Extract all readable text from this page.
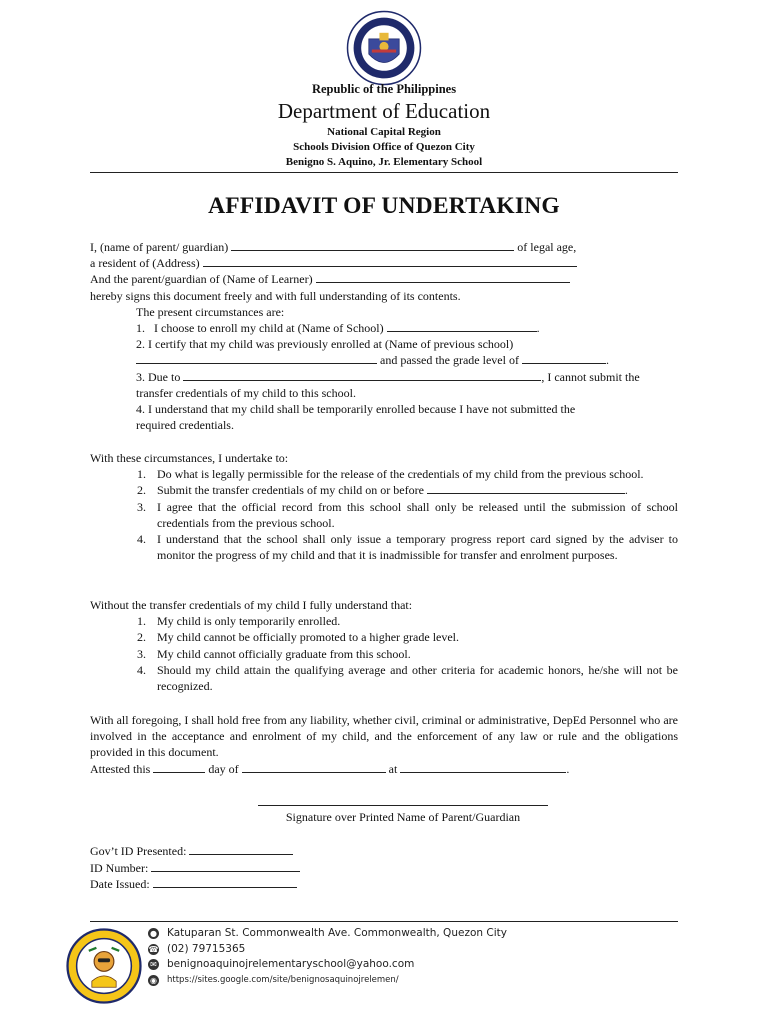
Republic of the Philippines
Department of Education
National Capital Region
Schools Division Office of Quezon City
Benigno S. Aquino, Jr. Elementary School
AFFIDAVIT OF UNDERTAKING
I, (name of parent/ guardian)	of legal age,
a resident of (Address)
And the parent/guardian of (Name of Learner)
hereby signs this document freely and with full understanding of its contents.
The present circumstances are:
1. I choose to enroll my child at (Name of School)	.
2. I certify that my child was previously enrolled at (Name of previous school)
and passed the grade level of	.
3. Due to	, I cannot submit the
transfer credentials of my child to this school.
4. I understand that my child shall be temporarily enrolled because I have not submitted the
required credentials.
With these circumstances, I undertake to:
1. Do what is legally permissible for the release of the credentials of my child from the previous school.
2. Submit the transfer credentials of my child on or before	.
3. I agree that the official record from this school shall only be released until the submission of school credentials from the previous school.
4. I understand that the school shall only issue a temporary progress report card signed by the adviser to monitor the progress of my child and that it is inadmissible for transfer and enrolment purposes.
Without the transfer credentials of my child I fully understand that:
1. My child is only temporarily enrolled.
2. My child cannot be officially promoted to a higher grade level.
3. My child cannot officially graduate from this school.
4. Should my child attain the qualifying average and other criteria for academic honors, he/she will not be recognized.
With all foregoing, I shall hold free from any liability, whether civil, criminal or administrative, DepEd Personnel who are involved in the acceptance and enrolment of my child, and the enforcement of any law or rule and the obligations provided in this document.
Attested this	day of	at	.
Signature over Printed Name of Parent/Guardian
Gov’t ID Presented:
ID Number:
Date Issued:
● Katuparan St. Commonwealth Ave. Commonwealth, Quezon City
☎ (02) 79715365
✉ benignoaquinojrelementaryschool@yahoo.com
◉ https://sites.google.com/site/benignosaquinojrelemen/
